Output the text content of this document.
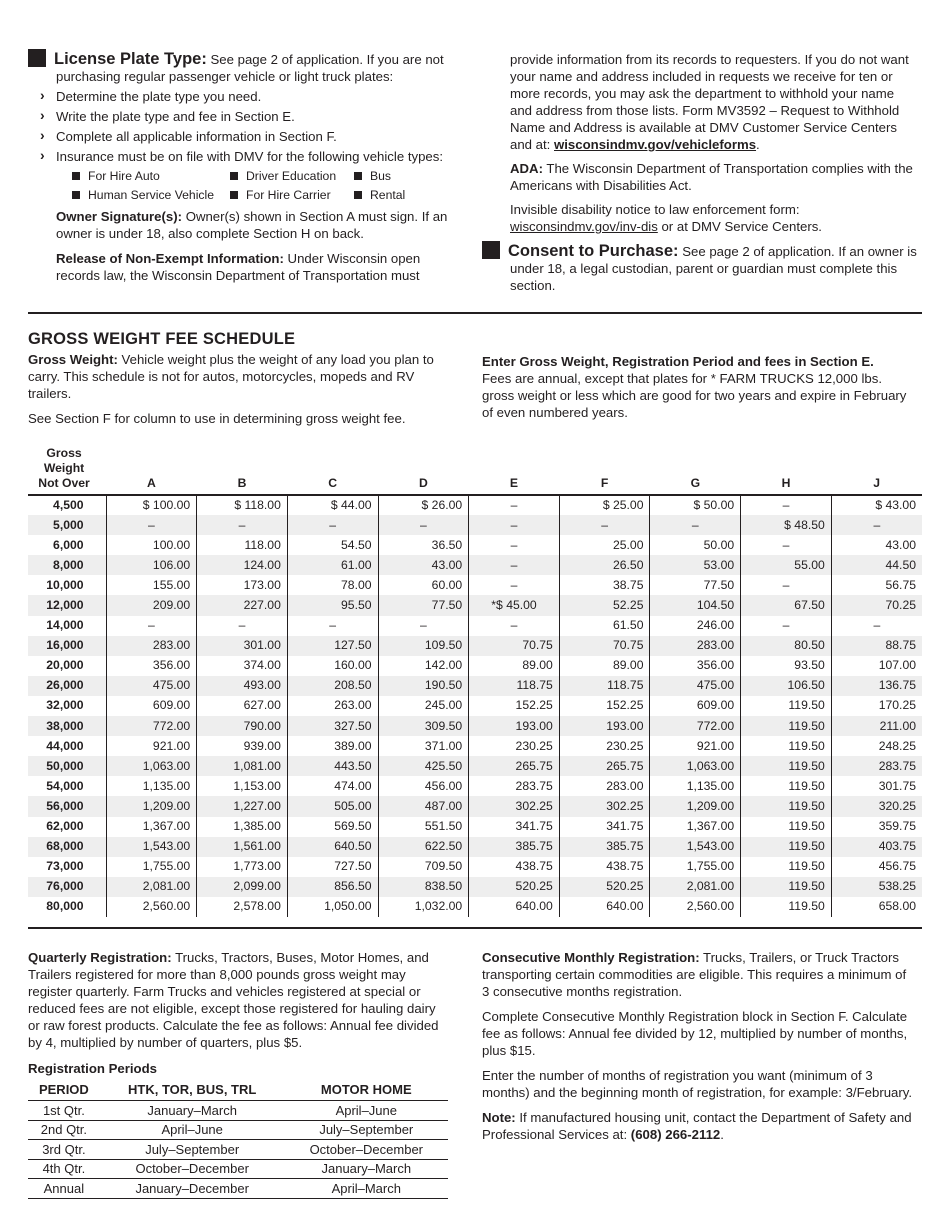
F License Plate Type: See page 2 of application. If you are not purchasing regular passenger vehicle or light truck plates:
› Determine the plate type you need.
› Write the plate type and fee in Section E.
› Complete all applicable information in Section F.
› Insurance must be on file with DMV for the following vehicle types:
For Hire Auto	Driver Education	Bus
Human Service Vehicle	For Hire Carrier	Rental

Owner Signature(s): Owner(s) shown in Section A must sign. If an owner is under 18, also complete Section H on back.

Release of Non-Exempt Information: Under Wisconsin open records law, the Wisconsin Department of Transportation must

provide information from its records to requesters. If you do not want your name and address included in requests we receive for ten or more records, you may ask the department to withhold your name and address from those lists. Form MV3592 – Request to Withhold Name and Address is available at DMV Customer Service Centers and at: wisconsindmv.gov/vehicleforms.

ADA: The Wisconsin Department of Transportation complies with the Americans with Disabilities Act.

Invisible disability notice to law enforcement form: wisconsindmv.gov/inv-dis or at DMV Service Centers.

H Consent to Purchase: See page 2 of application. If an owner is under 18, a legal custodian, parent or guardian must complete this section.
GROSS WEIGHT FEE SCHEDULE

Gross Weight: Vehicle weight plus the weight of any load you plan to carry. This schedule is not for autos, motorcycles, mopeds and RV trailers.

See Section F for column to use in determining gross weight fee.

Enter Gross Weight, Registration Period and fees in Section E.

Fees are annual, except that plates for * FARM TRUCKS 12,000 lbs. gross weight or less which are good for two years and expire in February of even numbered years.

Gross Weight
Not Over	A	B	C	D	E	F	G	H	J
4,500	$ 100.00	$ 118.00	$ 44.00	$ 26.00	–	$ 25.00	$ 50.00	–	$ 43.00
5,000	–	–	–	–	–	–	–	$ 48.50	–
6,000	100.00	118.00	54.50	36.50	–	25.00	50.00	–	43.00
8,000	106.00	124.00	61.00	43.00	–	26.50	53.00	55.00	44.50
10,000	155.00	173.00	78.00	60.00	–	38.75	77.50	–	56.75
12,000	209.00	227.00	95.50	77.50	*$ 45.00	52.25	104.50	67.50	70.25
14,000	–	–	–	–	–	61.50	246.00	–	–
16,000	283.00	301.00	127.50	109.50	70.75	70.75	283.00	80.50	88.75
20,000	356.00	374.00	160.00	142.00	89.00	89.00	356.00	93.50	107.00
26,000	475.00	493.00	208.50	190.50	118.75	118.75	475.00	106.50	136.75
32,000	609.00	627.00	263.00	245.00	152.25	152.25	609.00	119.50	170.25
38,000	772.00	790.00	327.50	309.50	193.00	193.00	772.00	119.50	211.00
44,000	921.00	939.00	389.00	371.00	230.25	230.25	921.00	119.50	248.25
50,000	1,063.00	1,081.00	443.50	425.50	265.75	265.75	1,063.00	119.50	283.75
54,000	1,135.00	1,153.00	474.00	456.00	283.75	283.00	1,135.00	119.50	301.75
56,000	1,209.00	1,227.00	505.00	487.00	302.25	302.25	1,209.00	119.50	320.25
62,000	1,367.00	1,385.00	569.50	551.50	341.75	341.75	1,367.00	119.50	359.75
68,000	1,543.00	1,561.00	640.50	622.50	385.75	385.75	1,543.00	119.50	403.75
73,000	1,755.00	1,773.00	727.50	709.50	438.75	438.75	1,755.00	119.50	456.75
76,000	2,081.00	2,099.00	856.50	838.50	520.25	520.25	2,081.00	119.50	538.25
80,000	2,560.00	2,578.00	1,050.00	1,032.00	640.00	640.00	2,560.00	119.50	658.00

Quarterly Registration: Trucks, Tractors, Buses, Motor Homes, and Trailers registered for more than 8,000 pounds gross weight may register quarterly. Farm Trucks and vehicles registered at special or reduced fees are not eligible, except those registered for hauling dairy or raw forest products. Calculate the fee as follows: Annual fee divided by 4, multiplied by number of quarters, plus $5.

Registration Periods
PERIOD	HTK, TOR, BUS, TRL	MOTOR HOME
1st Qtr.	January–March	April–June
2nd Qtr.	April–June	July–September
3rd Qtr.	July–September	October–December
4th Qtr.	October–December	January–March
Annual	January–December	April–March

Consecutive Monthly Registration: Trucks, Trailers, or Truck Tractors transporting certain commodities are eligible. This requires a minimum of 3 consecutive months registration.

Complete Consecutive Monthly Registration block in Section F. Calculate fee as follows: Annual fee divided by 12, multiplied by number of months, plus $15.

Enter the number of months of registration you want (minimum of 3 months) and the beginning month of registration, for example: 3/February.

Note: If manufactured housing unit, contact the Department of Safety and Professional Services at: (608) 266-2112.
